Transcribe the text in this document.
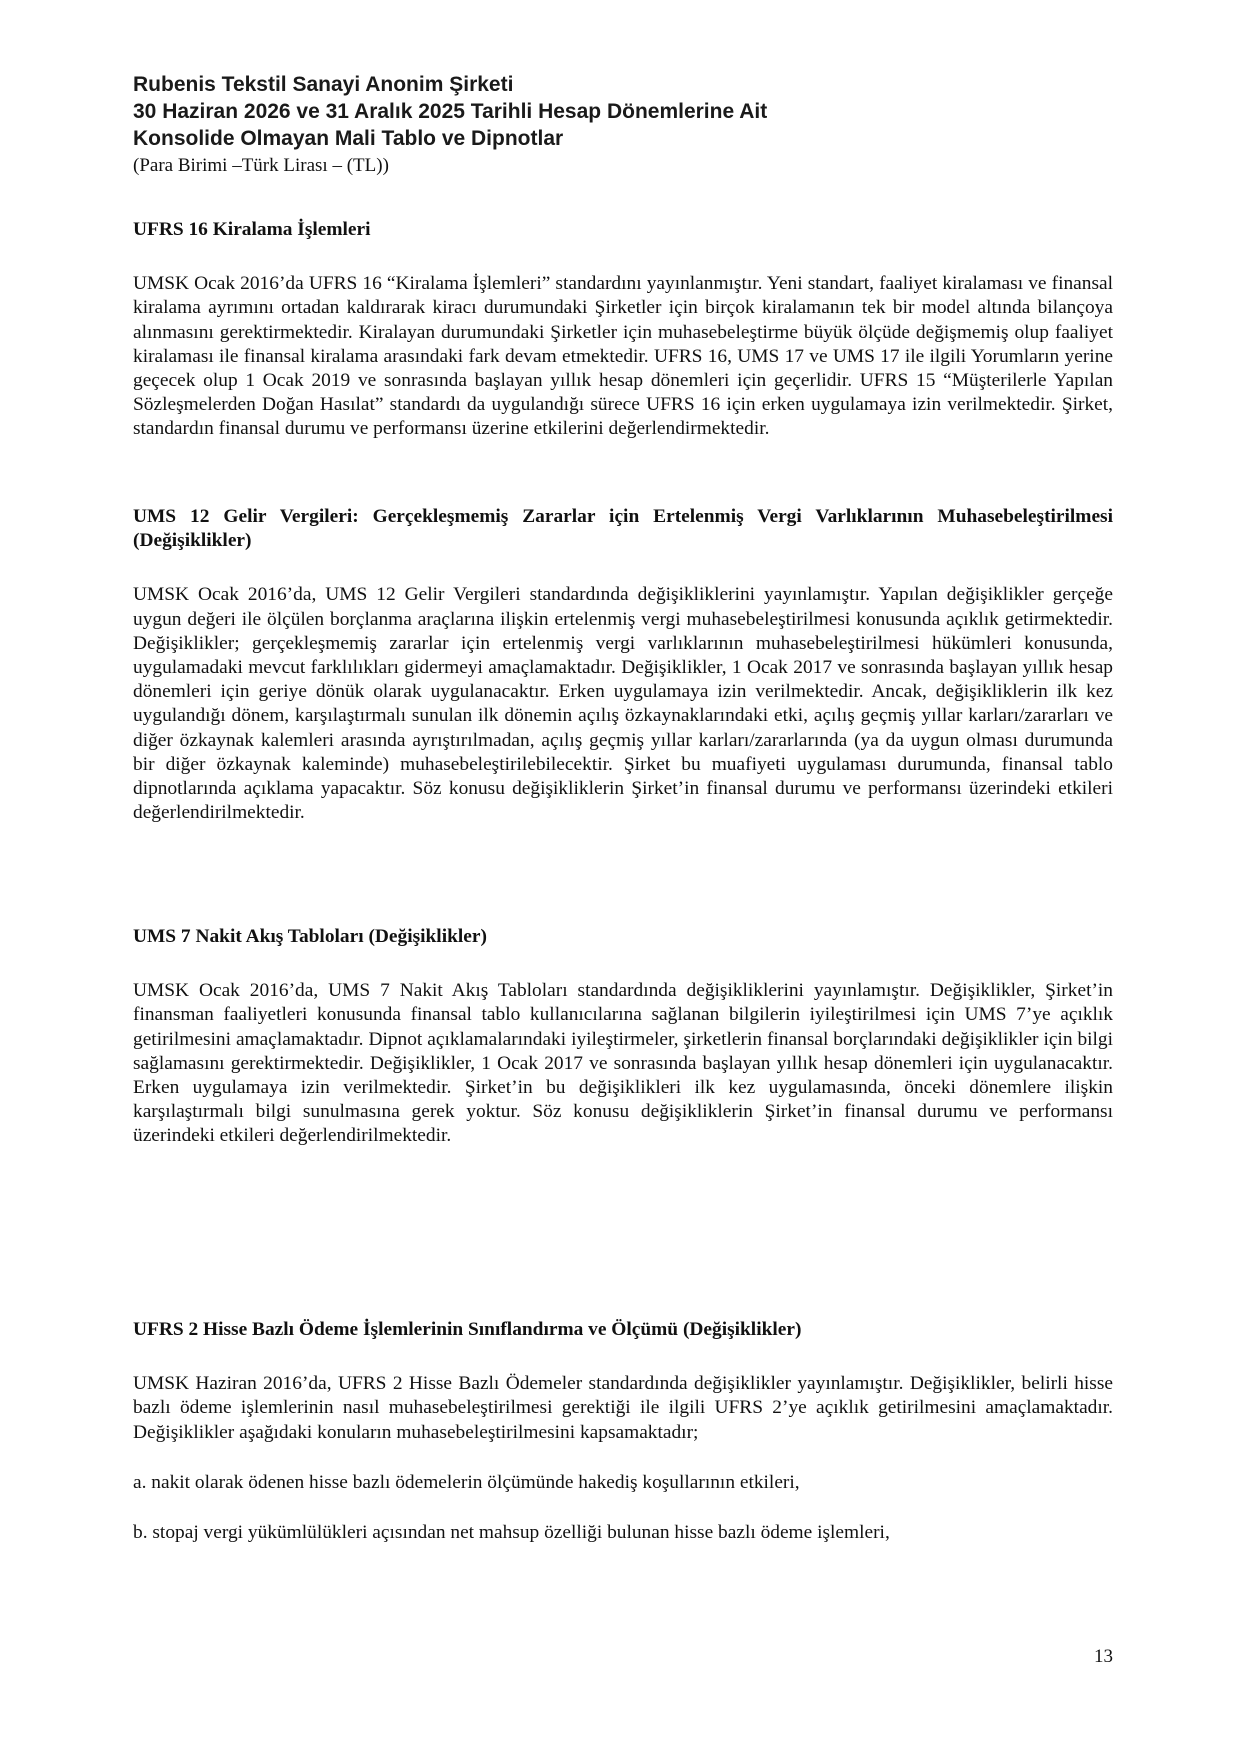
Rubenis Tekstil Sanayi Anonim Şirketi
30 Haziran 2026 ve 31 Aralık 2025 Tarihli Hesap Dönemlerine Ait
Konsolide Olmayan Mali Tablo ve Dipnotlar
(Para Birimi –Türk Lirası – (TL))

UFRS 16 Kiralama İşlemleri

UMSK Ocak 2016’da UFRS 16 “Kiralama İşlemleri” standardını yayınlanmıştır. Yeni standart, faaliyet kiralaması ve finansal kiralama ayrımını ortadan kaldırarak kiracı durumundaki Şirketler için birçok kiralamanın tek bir model altında bilançoya alınmasını gerektirmektedir. Kiralayan durumundaki Şirketler için muhasebeleştirme büyük ölçüde değişmemiş olup faaliyet kiralaması ile finansal kiralama arasındaki fark devam etmektedir. UFRS 16, UMS 17 ve UMS 17 ile ilgili Yorumların yerine geçecek olup 1 Ocak 2019 ve sonrasında başlayan yıllık hesap dönemleri için geçerlidir. UFRS 15 “Müşterilerle Yapılan Sözleşmelerden Doğan Hasılat” standardı da uygulandığı sürece UFRS 16 için erken uygulamaya izin verilmektedir. Şirket, standardın finansal durumu ve performansı üzerine etkilerini değerlendirmektedir.

UMS 12 Gelir Vergileri: Gerçekleşmemiş Zararlar için Ertelenmiş Vergi Varlıklarının Muhasebeleştirilmesi (Değişiklikler)

UMSK Ocak 2016’da, UMS 12 Gelir Vergileri standardında değişikliklerini yayınlamıştır. Yapılan değişiklikler gerçeğe uygun değeri ile ölçülen borçlanma araçlarına ilişkin ertelenmiş vergi muhasebeleştirilmesi konusunda açıklık getirmektedir. Değişiklikler; gerçekleşmemiş zararlar için ertelenmiş vergi varlıklarının muhasebeleştirilmesi hükümleri konusunda, uygulamadaki mevcut farklılıkları gidermeyi amaçlamaktadır. Değişiklikler, 1 Ocak 2017 ve sonrasında başlayan yıllık hesap dönemleri için geriye dönük olarak uygulanacaktır. Erken uygulamaya izin verilmektedir. Ancak, değişikliklerin ilk kez uygulandığı dönem, karşılaştırmalı sunulan ilk dönemin açılış özkaynaklarındaki etki, açılış geçmiş yıllar karları/zararları ve diğer özkaynak kalemleri arasında ayrıştırılmadan, açılış geçmiş yıllar karları/zararlarında (ya da uygun olması durumunda bir diğer özkaynak kaleminde) muhasebeleştirilebilecektir. Şirket bu muafiyeti uygulaması durumunda, finansal tablo dipnotlarında açıklama yapacaktır. Söz konusu değişikliklerin Şirket’in finansal durumu ve performansı üzerindeki etkileri değerlendirilmektedir.

UMS 7 Nakit Akış Tabloları (Değişiklikler)

UMSK Ocak 2016’da, UMS 7 Nakit Akış Tabloları standardında değişikliklerini yayınlamıştır. Değişiklikler, Şirket’in finansman faaliyetleri konusunda finansal tablo kullanıcılarına sağlanan bilgilerin iyileştirilmesi için UMS 7’ye açıklık getirilmesini amaçlamaktadır. Dipnot açıklamalarındaki iyileştirmeler, şirketlerin finansal borçlarındaki değişiklikler için bilgi sağlamasını gerektirmektedir. Değişiklikler, 1 Ocak 2017 ve sonrasında başlayan yıllık hesap dönemleri için uygulanacaktır. Erken uygulamaya izin verilmektedir. Şirket’in bu değişiklikleri ilk kez uygulamasında, önceki dönemlere ilişkin karşılaştırmalı bilgi sunulmasına gerek yoktur. Söz konusu değişikliklerin Şirket’in finansal durumu ve performansı üzerindeki etkileri değerlendirilmektedir.

UFRS 2 Hisse Bazlı Ödeme İşlemlerinin Sınıflandırma ve Ölçümü (Değişiklikler)

UMSK Haziran 2016’da, UFRS 2 Hisse Bazlı Ödemeler standardında değişiklikler yayınlamıştır. Değişiklikler, belirli hisse bazlı ödeme işlemlerinin nasıl muhasebeleştirilmesi gerektiği ile ilgili UFRS 2’ye açıklık getirilmesini amaçlamaktadır. Değişiklikler aşağıdaki konuların muhasebeleştirilmesini kapsamaktadır;

a. nakit olarak ödenen hisse bazlı ödemelerin ölçümünde hakediş koşullarının etkileri,

b. stopaj vergi yükümlülükleri açısından net mahsup özelliği bulunan hisse bazlı ödeme işlemleri,

13
